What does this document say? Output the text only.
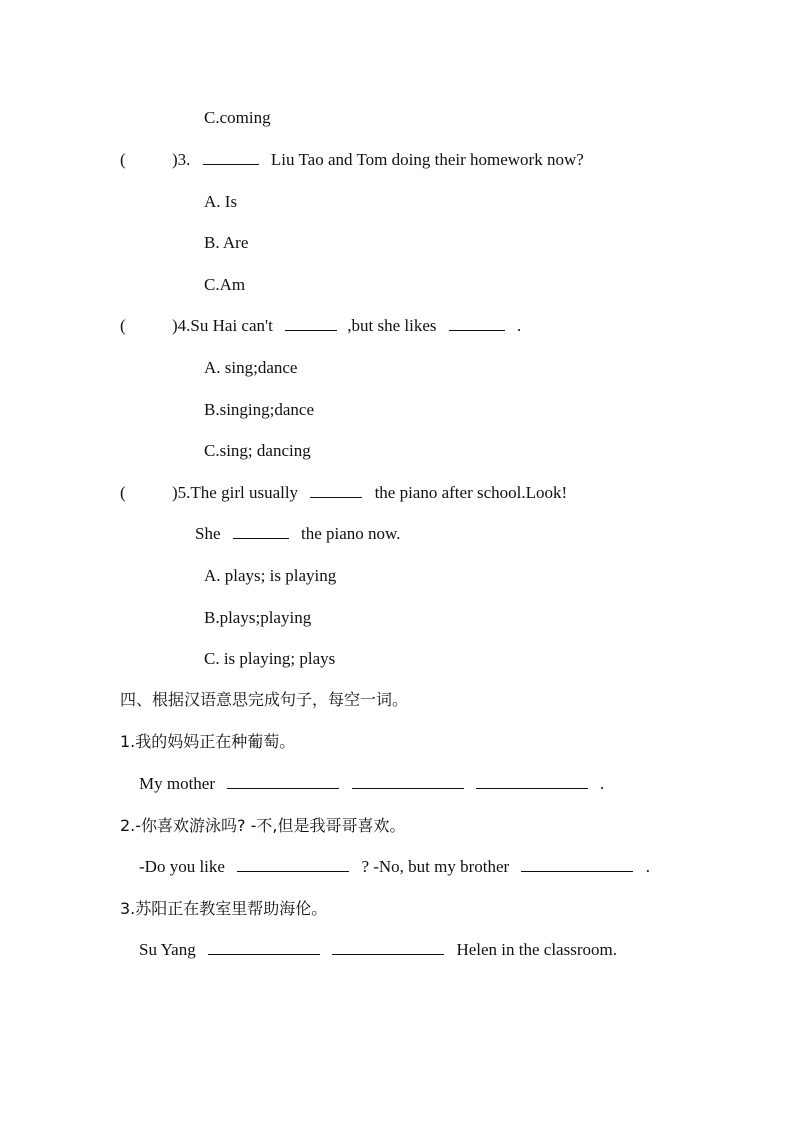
C.coming
(	)3.	Liu Tao and Tom doing their homework now?
A. Is
B. Are
C.Am
(	)4.Su Hai can't	,but she likes	.
A. sing;dance
B.singing;dance
C.sing; dancing
(	)5.The girl usually	the piano after school.Look!
She	the piano now.
A. plays; is playing
B.plays;playing
C. is playing; plays
四、根据汉语意思完成句子，每空一词。
1.我的妈妈正在种葡萄。
My mother	.
2.-你喜欢游泳吗? -不,但是我哥哥喜欢。
-Do you like	? -No, but my brother	.
3.苏阳正在教室里帮助海伦。
Su Yang	Helen in the classroom.
